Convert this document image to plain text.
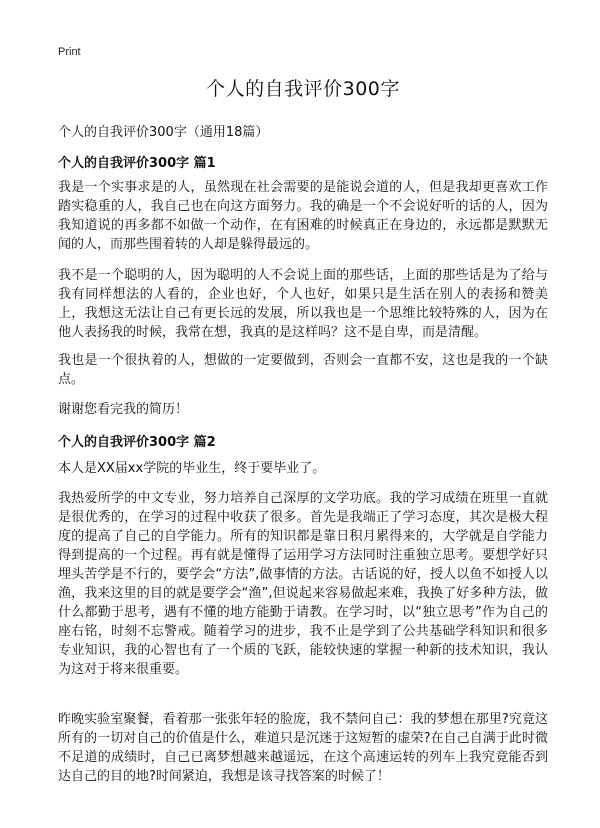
Print
个人的自我评价300字

个人的自我评价300字（通用18篇）

个人的自我评价300字 篇1

我是一个实事求是的人，虽然现在社会需要的是能说会道的人，但是我却更喜欢工作踏实稳重的人，我自己也在向这方面努力。我的确是一个不会说好听的话的人，因为我知道说的再多都不如做一个动作，在有困难的时候真正在身边的，永远都是默默无闻的人，而那些围着转的人却是躲得最远的。

我不是一个聪明的人，因为聪明的人不会说上面的那些话，上面的那些话是为了给与我有同样想法的人看的，企业也好，个人也好，如果只是生活在别人的表扬和赞美上，我想这无法让自己有更长远的发展，所以我也是一个思维比较特殊的人，因为在他人表扬我的时候，我常在想，我真的是这样吗？这不是自卑，而是清醒。

我也是一个很执着的人，想做的一定要做到，否则会一直都不安，这也是我的一个缺点。

谢谢您看完我的简历！

个人的自我评价300字 篇2

本人是XX届xx学院的毕业生，终于要毕业了。

我热爱所学的中文专业，努力培养自己深厚的文学功底。我的学习成绩在班里一直就是很优秀的，在学习的过程中收获了很多。首先是我端正了学习态度，其次是极大程度的提高了自己的自学能力。所有的知识都是靠日积月累得来的，大学就是自学能力得到提高的一个过程。再有就是懂得了运用学习方法同时注重独立思考。要想学好只埋头苦学是不行的，要学会“方法”,做事情的方法。古话说的好，授人以鱼不如授人以渔，我来这里的目的就是要学会“渔”,但说起来容易做起来难，我换了好多种方法，做什么都勤于思考，遇有不懂的地方能勤于请教。在学习时，以“独立思考”作为自己的座右铭，时刻不忘警戒。随着学习的进步，我不止是学到了公共基础学科知识和很多专业知识，我的心智也有了一个质的飞跃，能较快速的掌握一种新的技术知识，我认为这对于将来很重要。

昨晚实验室聚餐，看着那一张张年轻的脸庞，我不禁问自己：我的梦想在那里?究竟这所有的一切对自己的价值是什么，难道只是沉迷于这短暂的虚荣?在自己自满于此时微不足道的成绩时，自己已离梦想越来越遥远，在这个高速运转的列车上我究竟能否到达自己的目的地?时间紧迫，我想是该寻找答案的时候了！
